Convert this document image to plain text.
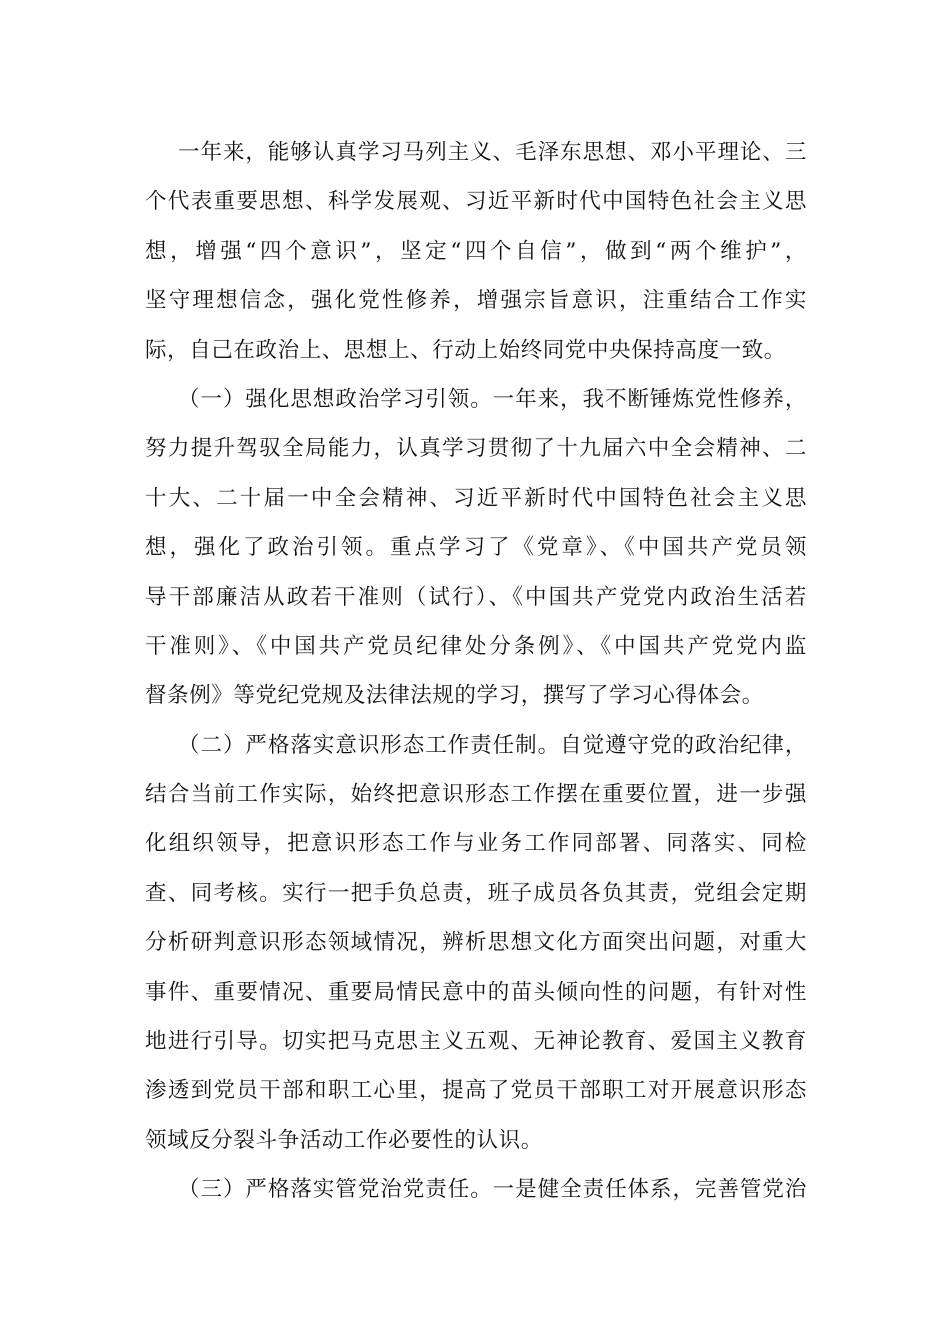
一年来，能够认真学习马列主义、毛泽东思想、邓小平理论、三
个代表重要思想、科学发展观、习近平新时代中国特色社会主义思
想，增强“四个意识”，坚定“四个自信”，做到“两个维护”，
坚守理想信念，强化党性修养，增强宗旨意识，注重结合工作实
际，自己在政治上、思想上、行动上始终同党中央保持高度一致。
（一）强化思想政治学习引领。一年来，我不断锤炼党性修养，
努力提升驾驭全局能力，认真学习贯彻了十九届六中全会精神、二
十大、二十届一中全会精神、习近平新时代中国特色社会主义思
想，强化了政治引领。重点学习了《党章》、《中国共产党员领
导干部廉洁从政若干准则（试行）、《中国共产党党内政治生活若
干准则》、《中国共产党员纪律处分条例》、《中国共产党党内监
督条例》等党纪党规及法律法规的学习，撰写了学习心得体会。
（二）严格落实意识形态工作责任制。自觉遵守党的政治纪律，
结合当前工作实际，始终把意识形态工作摆在重要位置，进一步强
化组织领导，把意识形态工作与业务工作同部署、同落实、同检
查、同考核。实行一把手负总责，班子成员各负其责，党组会定期
分析研判意识形态领域情况，辨析思想文化方面突出问题，对重大
事件、重要情况、重要局情民意中的苗头倾向性的问题，有针对性
地进行引导。切实把马克思主义五观、无神论教育、爱国主义教育
渗透到党员干部和职工心里，提高了党员干部职工对开展意识形态
领域反分裂斗争活动工作必要性的认识。
（三）严格落实管党治党责任。一是健全责任体系，完善管党治
